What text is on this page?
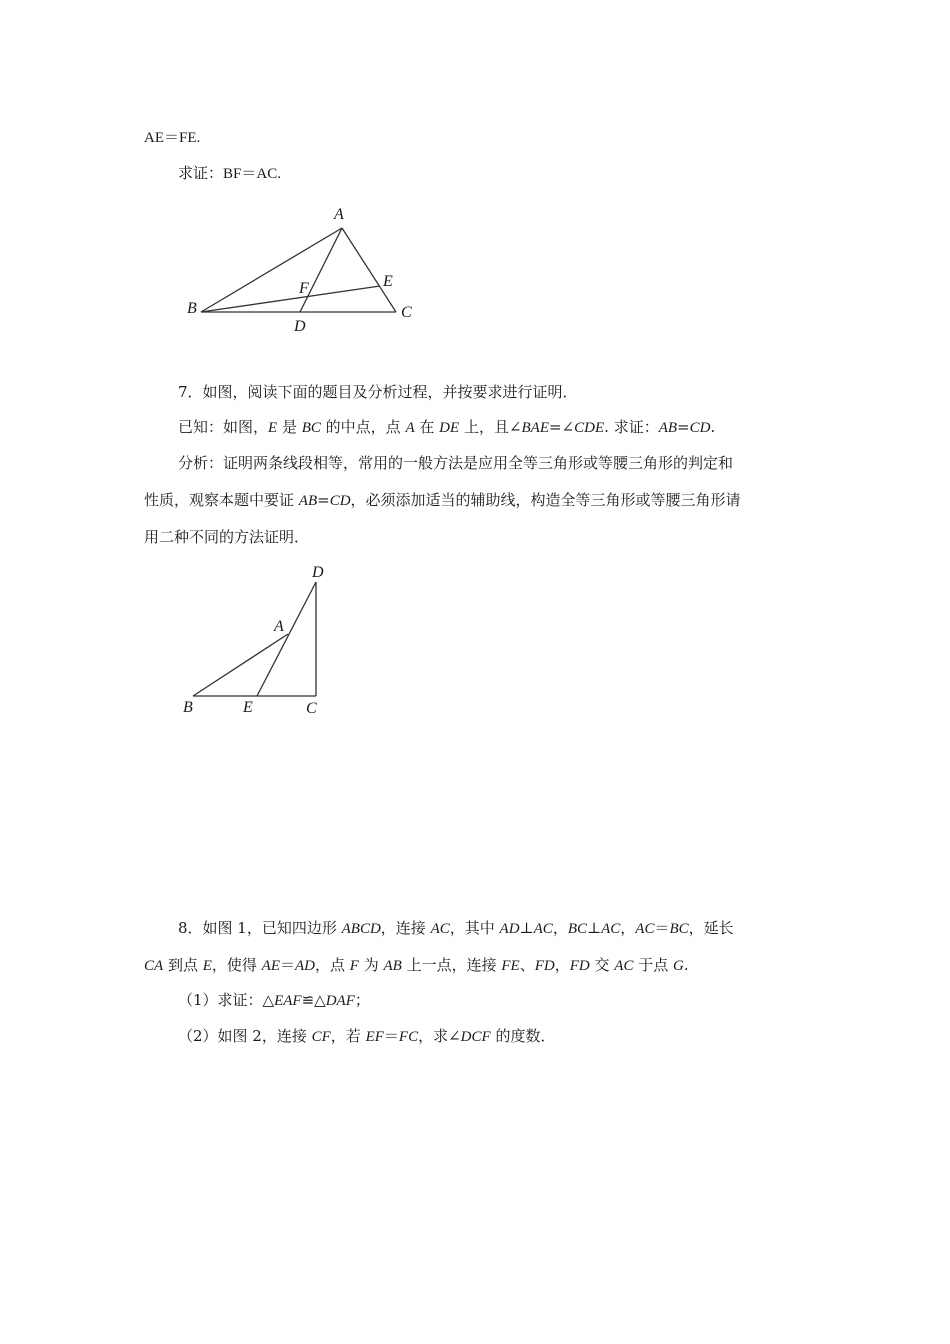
AE＝FE.
求证：BF＝AC.
A
B	C
D
E
F
D
A
B	E	C
7．如图，阅读下面的题目及分析过程，并按要求进行证明．
已知：如图，E 是 BC 的中点，点 A 在 DE 上，且∠BAE=∠CDE. 求证：AB=CD.
分析：证明两条线段相等，常用的一般方法是应用全等三角形或等腰三角形的判定和
性质，观察本题中要证 AB=CD，必须添加适当的辅助线，构造全等三角形或等腰三角形请
用二种不同的方法证明．
8．如图 1，已知四边形 ABCD，连接 AC，其中 AD⊥AC，BC⊥AC，AC＝BC，延长
CA 到点 E，使得 AE＝AD，点 F 为 AB 上一点，连接 FE、FD，FD 交 AC 于点 G.
（1）求证：△EAF≌△DAF；
（2）如图 2，连接 CF，若 EF＝FC，求∠DCF 的度数．
